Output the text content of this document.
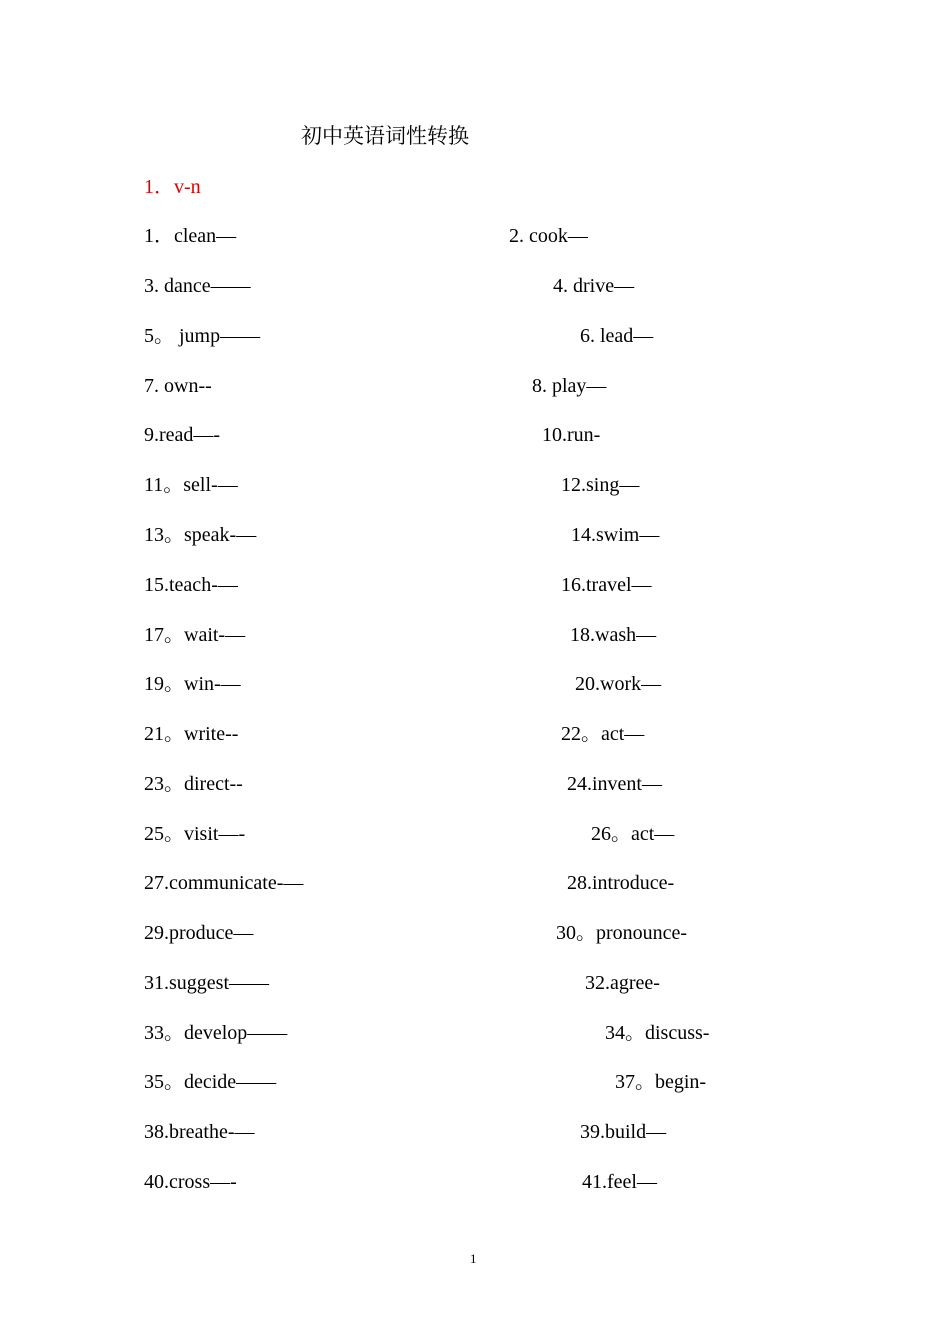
初中英语词性转换
1．v-n
1．clean—	2. cook—
3. dance——	4. drive—
5。 jump——	6. lead—
7. own--	8. play—
9.read—-	10.run-
11。sell-—	12.sing—
13。speak-—	14.swim—
15.teach-—	16.travel—
17。wait-—	18.wash—
19。win-—	20.work—
21。write--	22。act—
23。direct--	24.invent—
25。visit—-	26。act—
27.communicate-—	28.introduce-
29.produce—	30。pronounce-
31.suggest——	32.agree-
33。develop——	34。discuss-
35。decide——	37。begin-
38.breathe-—	39.build—
40.cross—-	41.feel—
1
